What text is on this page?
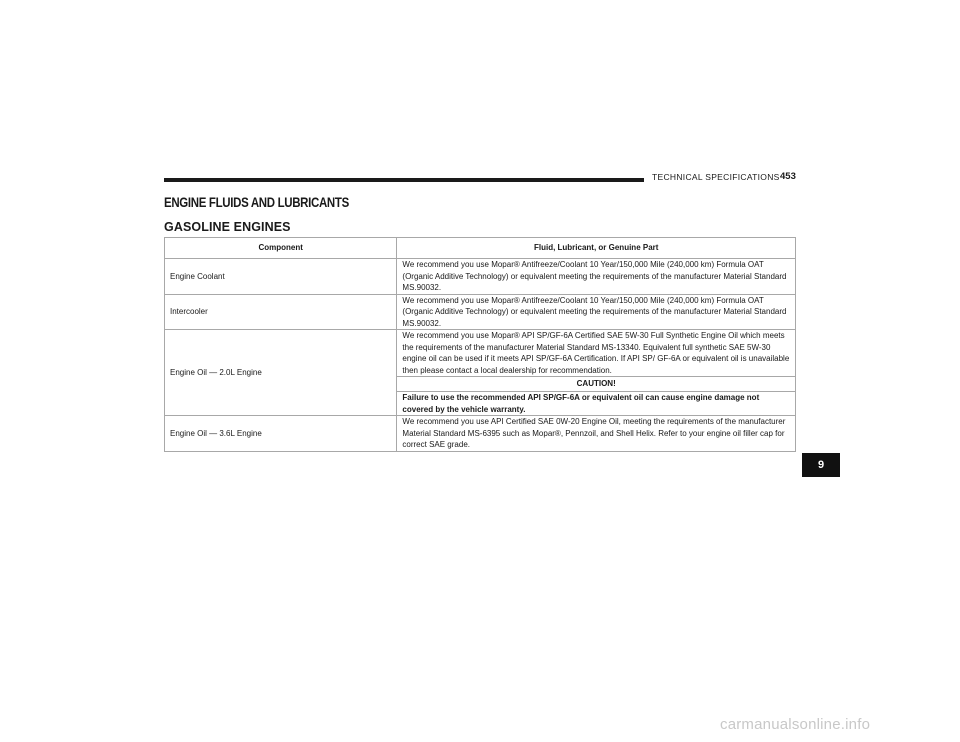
TECHNICAL SPECIFICATIONS 453
ENGINE FLUIDS AND LUBRICANTS
GASOLINE ENGINES
Component	Fluid, Lubricant, or Genuine Part
Engine Coolant	We recommend you use Mopar® Antifreeze/Coolant 10 Year/150,000 Mile (240,000 km) Formula OAT (Organic Additive Technology) or equivalent meeting the requirements of the manufacturer Material Standard MS.90032.
Intercooler	We recommend you use Mopar® Antifreeze/Coolant 10 Year/150,000 Mile (240,000 km) Formula OAT (Organic Additive Technology) or equivalent meeting the requirements of the manufacturer Material Standard MS.90032.
Engine Oil — 2.0L Engine	We recommend you use Mopar® API SP/GF-6A Certified SAE 5W-30 Full Synthetic Engine Oil which meets the requirements of the manufacturer Material Standard MS-13340. Equivalent full synthetic SAE 5W-30 engine oil can be used if it meets API SP/GF-6A Certification. If API SP/ GF-6A or equivalent oil is unavailable then please contact a local dealership for recommendation.
	CAUTION!
	Failure to use the recommended API SP/GF-6A or equivalent oil can cause engine damage not covered by the vehicle warranty.
Engine Oil — 3.6L Engine	We recommend you use API Certified SAE 0W-20 Engine Oil, meeting the requirements of the manufacturer Material Standard MS-6395 such as Mopar®, Pennzoil, and Shell Helix. Refer to your engine oil filler cap for correct SAE grade.
9
carmanualsonline.info
